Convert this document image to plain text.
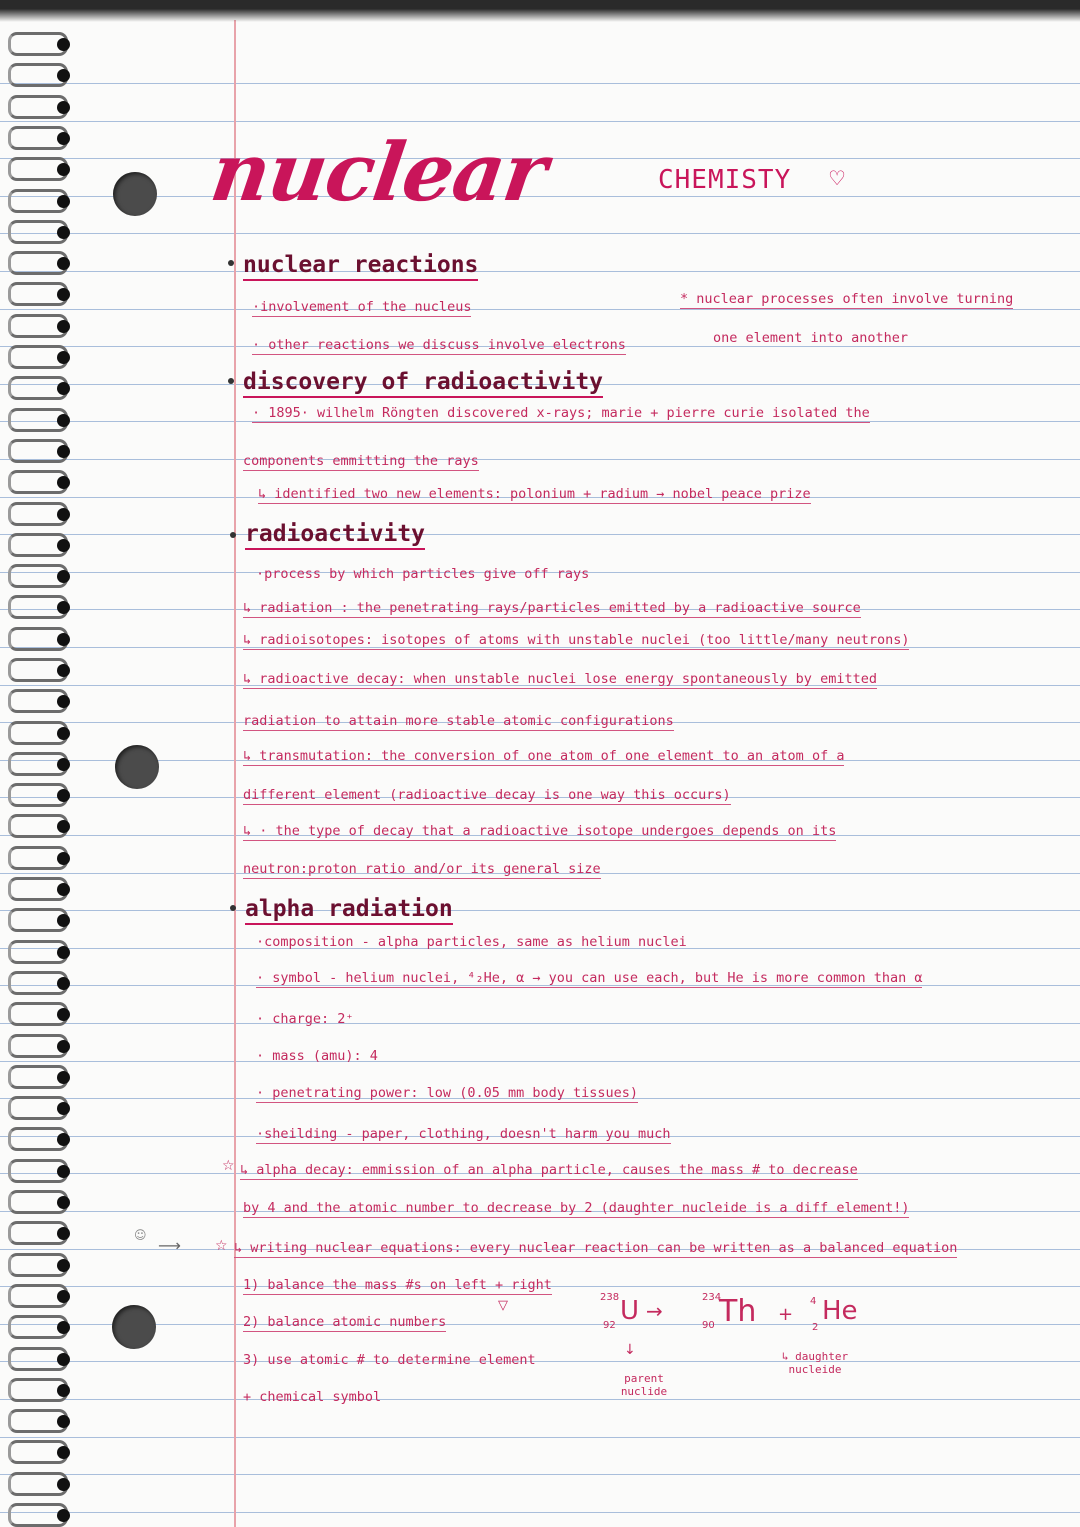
nuclear	CHEMISTY ♡
nuclear reactions
·involvement of the nucleus
· other reactions we discuss involve electrons
* nuclear processes often involve turning
one element into another
discovery of radioactivity
· 1895· wilhelm Röngten discovered x-rays; marie + pierre curie isolated the
components emmitting the rays
↳ identified two new elements: polonium + radium → nobel peace prize
radioactivity
·process by which particles give off rays
↳ radiation : the penetrating rays/particles emitted by a radioactive source
↳ radioisotopes: isotopes of atoms with unstable nuclei (too little/many neutrons)
↳ radioactive decay: when unstable nuclei lose energy spontaneously by emitted
radiation to attain more stable atomic configurations
↳ transmutation: the conversion of one atom of one element to an atom of a
different element (radioactive decay is one way this occurs)
↳ · the type of decay that a radioactive isotope undergoes depends on its
neutron:proton ratio and/or its general size
alpha radiation
·composition - alpha particles, same as helium nuclei
· symbol - helium nuclei, ⁴₂He, α → you can use each, but He is more common than α
· charge: 2⁺
· mass (amu): 4
· penetrating power: low (0.05 mm body tissues)
·sheilding - paper, clothing, doesn't harm you much
☆ ↳ alpha decay: emmission of an alpha particle, causes the mass # to decrease
by 4 and the atomic number to decrease by 2 (daughter nucleide is a diff element!)
☺
⟶ ☆ ↳ writing nuclear equations: every nuclear reaction can be written as a balanced equation
1) balance the mass #s on left + right
2) balance atomic numbers
3) use atomic # to determine element
+ chemical symbol
▽
238
92 U →
234
90 Th +
4
2
He
↓
parent nuclide
↳ daughter nucleide
